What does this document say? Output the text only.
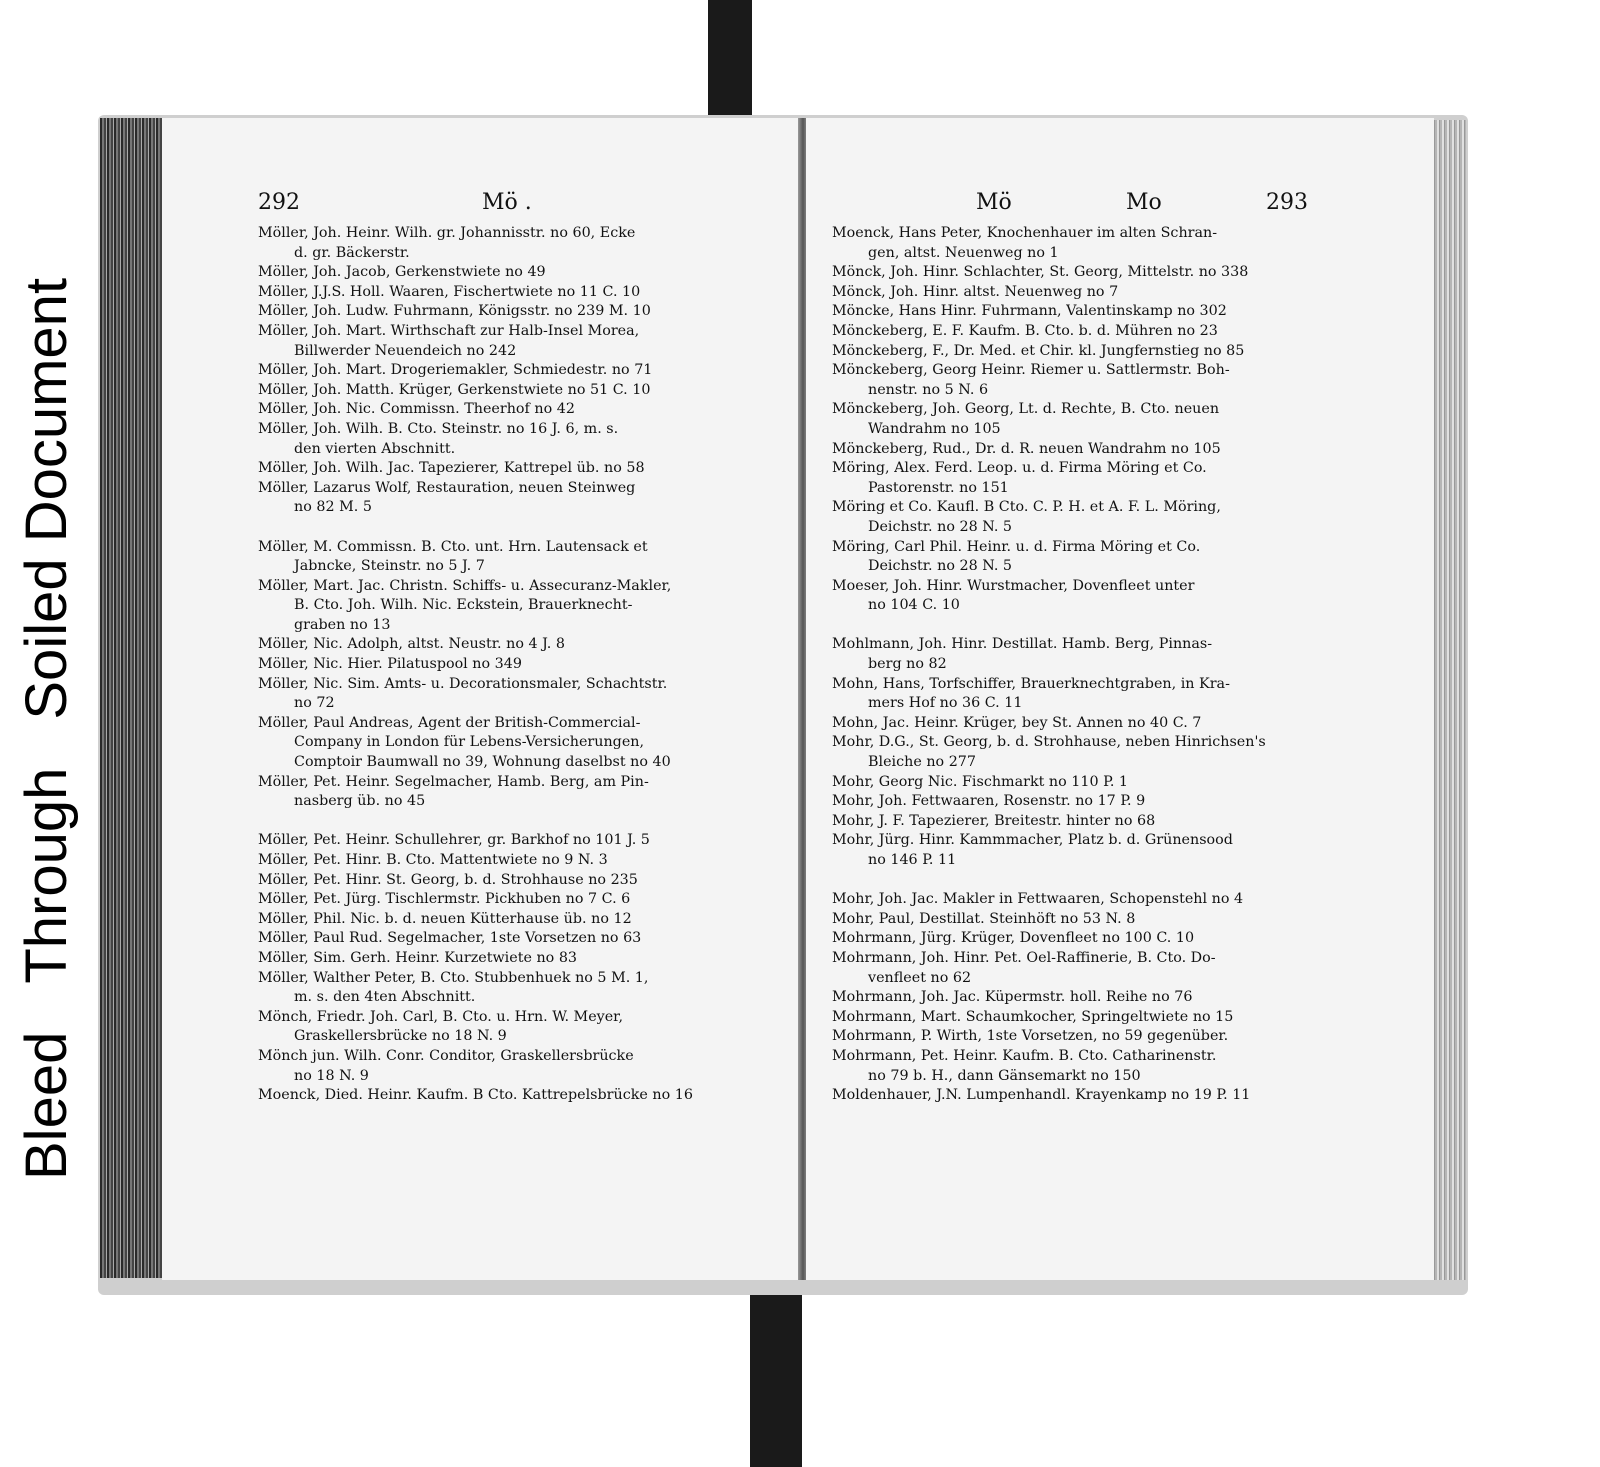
Bleed
Through
Soiled Document
292	Mö .
Möller, Joh. Heinr. Wilh. gr. Johannisstr. no 60, Ecke
d. gr. Bäckerstr.
Möller, Joh. Jacob, Gerkenstwiete no 49
Möller, J.J.S. Holl. Waaren, Fischertwiete no 11 C. 10
Möller, Joh. Ludw. Fuhrmann, Königsstr. no 239 M. 10
Möller, Joh. Mart. Wirthschaft zur Halb-Insel Morea,
Billwerder Neuendeich no 242
Möller, Joh. Mart. Drogeriemakler, Schmiedestr. no 71
Möller, Joh. Matth. Krüger, Gerkenstwiete no 51 C. 10
Möller, Joh. Nic. Commissn. Theerhof no 42
Möller, Joh. Wilh. B. Cto. Steinstr. no 16 J. 6, m. s.
den vierten Abschnitt.
Möller, Joh. Wilh. Jac. Tapezierer, Kattrepel üb. no 58
Möller, Lazarus Wolf, Restauration, neuen Steinweg
no 82 M. 5
Möller, M. Commissn. B. Cto. unt. Hrn. Lautensack et
Jabncke, Steinstr. no 5 J. 7
Möller, Mart. Jac. Christn. Schiffs- u. Assecuranz-Makler,
B. Cto. Joh. Wilh. Nic. Eckstein, Brauerknecht-
graben no 13
Möller, Nic. Adolph, altst. Neustr. no 4 J. 8
Möller, Nic. Hier. Pilatuspool no 349
Möller, Nic. Sim. Amts- u. Decorationsmaler, Schachtstr.
no 72
Möller, Paul Andreas, Agent der British-Commercial-
Company in London für Lebens-Versicherungen,
Comptoir Baumwall no 39, Wohnung daselbst no 40
Möller, Pet. Heinr. Segelmacher, Hamb. Berg, am Pin-
nasberg üb. no 45
Möller, Pet. Heinr. Schullehrer, gr. Barkhof no 101 J. 5
Möller, Pet. Hinr. B. Cto. Mattentwiete no 9 N. 3
Möller, Pet. Hinr. St. Georg, b. d. Strohhause no 235
Möller, Pet. Jürg. Tischlermstr. Pickhuben no 7 C. 6
Möller, Phil. Nic. b. d. neuen Kütterhause üb. no 12
Möller, Paul Rud. Segelmacher, 1ste Vorsetzen no 63
Möller, Sim. Gerh. Heinr. Kurzetwiete no 83
Möller, Walther Peter, B. Cto. Stubbenhuek no 5 M. 1,
m. s. den 4ten Abschnitt.
Mönch, Friedr. Joh. Carl, B. Cto. u. Hrn. W. Meyer,
Graskellersbrücke no 18 N. 9
Mönch jun. Wilh. Conr. Conditor, Graskellersbrücke
no 18 N. 9
Moenck, Died. Heinr. Kaufm. B Cto. Kattrepelsbrücke no 16
Mö	Mo	293
Moenck, Hans Peter, Knochenhauer im alten Schran-
gen, altst. Neuenweg no 1
Mönck, Joh. Hinr. Schlachter, St. Georg, Mittelstr. no 338
Mönck, Joh. Hinr. altst. Neuenweg no 7
Möncke, Hans Hinr. Fuhrmann, Valentinskamp no 302
Mönckeberg, E. F. Kaufm. B. Cto. b. d. Mühren no 23
Mönckeberg, F., Dr. Med. et Chir. kl. Jungfernstieg no 85
Mönckeberg, Georg Heinr. Riemer u. Sattlermstr. Boh-
nenstr. no 5 N. 6
Mönckeberg, Joh. Georg, Lt. d. Rechte, B. Cto. neuen
Wandrahm no 105
Mönckeberg, Rud., Dr. d. R. neuen Wandrahm no 105
Möring, Alex. Ferd. Leop. u. d. Firma Möring et Co.
Pastorenstr. no 151
Möring et Co. Kaufl. B Cto. C. P. H. et A. F. L. Möring,
Deichstr. no 28 N. 5
Möring, Carl Phil. Heinr. u. d. Firma Möring et Co.
Deichstr. no 28 N. 5
Moeser, Joh. Hinr. Wurstmacher, Dovenfleet unter
no 104 C. 10
Mohlmann, Joh. Hinr. Destillat. Hamb. Berg, Pinnas-
berg no 82
Mohn, Hans, Torfschiffer, Brauerknechtgraben, in Kra-
mers Hof no 36 C. 11
Mohn, Jac. Heinr. Krüger, bey St. Annen no 40 C. 7
Mohr, D.G., St. Georg, b. d. Strohhause, neben Hinrichsen's
Bleiche no 277
Mohr, Georg Nic. Fischmarkt no 110 P. 1
Mohr, Joh. Fettwaaren, Rosenstr. no 17 P. 9
Mohr, J. F. Tapezierer, Breitestr. hinter no 68
Mohr, Jürg. Hinr. Kammmacher, Platz b. d. Grünensood
no 146 P. 11
Mohr, Joh. Jac. Makler in Fettwaaren, Schopenstehl no 4
Mohr, Paul, Destillat. Steinhöft no 53 N. 8
Mohrmann, Jürg. Krüger, Dovenfleet no 100 C. 10
Mohrmann, Joh. Hinr. Pet. Oel-Raffinerie, B. Cto. Do-
venfleet no 62
Mohrmann, Joh. Jac. Küpermstr. holl. Reihe no 76
Mohrmann, Mart. Schaumkocher, Springeltwiete no 15
Mohrmann, P. Wirth, 1ste Vorsetzen, no 59 gegenüber.
Mohrmann, Pet. Heinr. Kaufm. B. Cto. Catharinenstr.
no 79 b. H., dann Gänsemarkt no 150
Moldenhauer, J.N. Lumpenhandl. Krayenkamp no 19 P. 11
